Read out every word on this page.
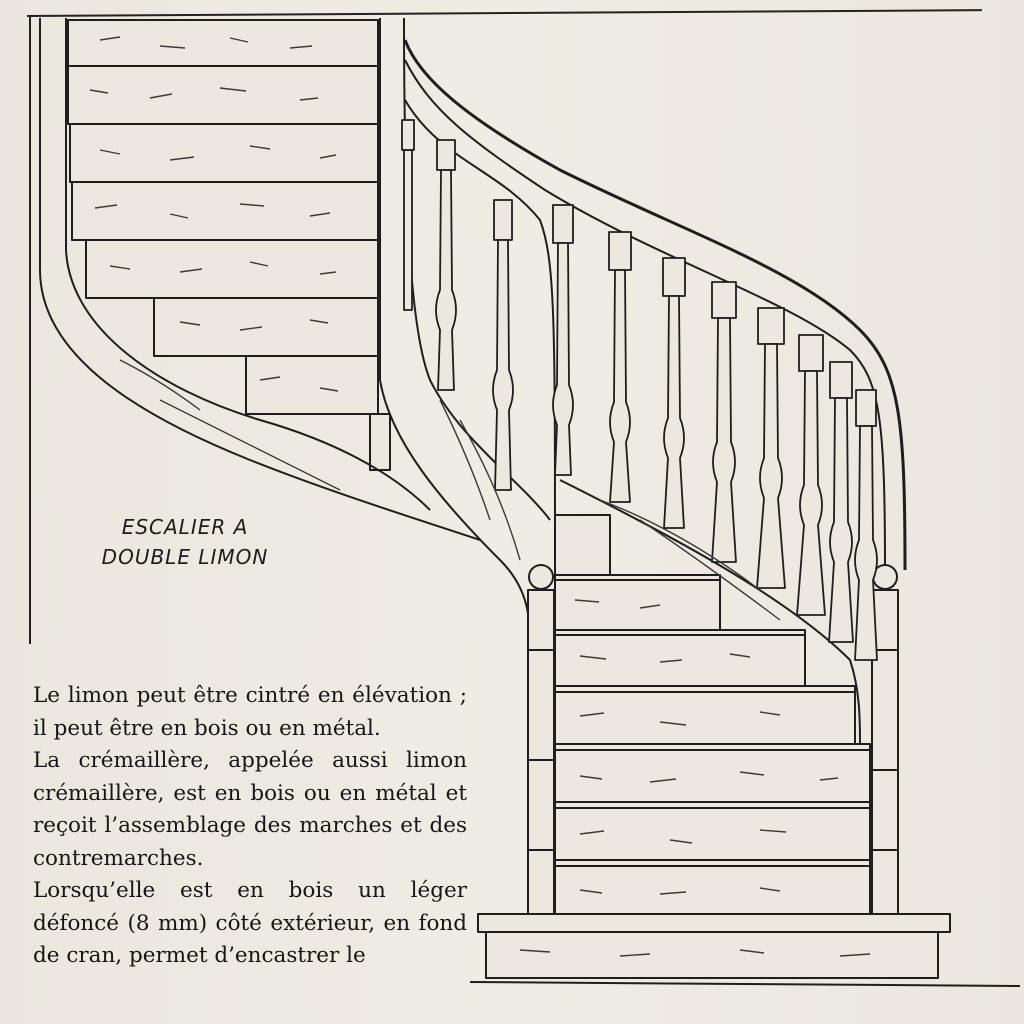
ESCALIER A
DOUBLE LIMON

Le limon peut être cintré en élévation ; il peut être en bois ou en métal.

La crémaillère, appelée aussi limon crémaillère, est en bois ou en métal et reçoit l’assemblage des marches et des contremarches.

Lorsqu’elle est en bois un léger défoncé (8 mm) côté extérieur, en fond de cran, permet d’encastrer le
